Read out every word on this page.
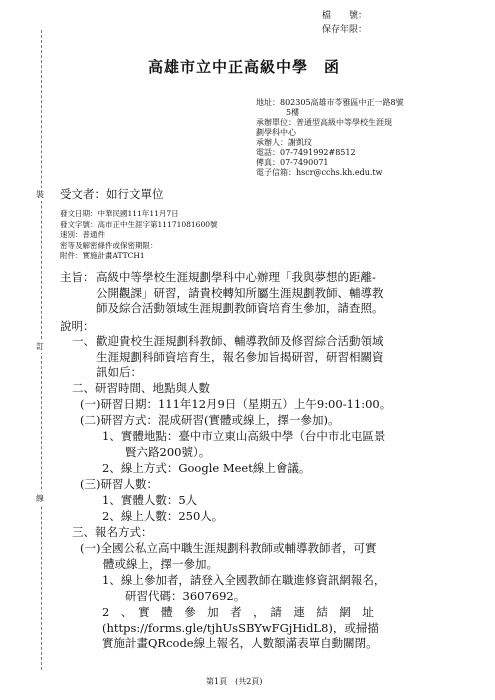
檔　　號：
保存年限：
高雄市立中正高級中學　函
地址：802305高雄市苓雅區中正一路8號
5樓
承辦單位：普通型高級中等學校生涯規
劃學科中心
承辦人：謝凱玟
電話：07-7491992#8512
傳真：07-7490071
電子信箱：hscr@cchs.kh.edu.tw
裝
訂
線
受文者：如行文單位
發文日期：中華民國111年11月7日
發文字號：高市正中生涯字第11171081600號
速別：普通件
密等及解密條件或保密期限：
附件：實施計畫ATTCH1
主旨： 高級中等學校生涯規劃學科中心辦理「我與夢想的距離-
公開觀課」研習，請貴校轉知所屬生涯規劃教師、輔導教
師及綜合活動領域生涯規劃教師資培育生參加，請查照。
說明：
一、 歡迎貴校生涯規劃科教師、輔導教師及修習綜合活動領域
生涯規劃科師資培育生，報名參加旨揭研習，研習相關資
訊如后：
二、研習時間、地點與人數
(一)研習日期：111年12月9日（星期五）上午9:00-11:00。
(二)研習方式：混成研習(實體或線上，擇一參加)。
1、實體地點：臺中市立東山高級中學（台中市北屯區景
　　賢六路200號）。
2、線上方式：Google Meet線上會議。
(三)研習人數：
1、實體人數：5人
2、線上人數：250人。
三、報名方式：
(一)全國公私立高中職生涯規劃科教師或輔導教師者，可實
　　體或線上，擇一參加。
1、線上參加者，請登入全國教師在職進修資訊網報名，
　　研習代碼：3607692。
2　、　實　體　參　加　者　，　請　連　結　網　址
(https://forms.gle/tjhUsSBYwFGjHidL8)，或掃描
實施計畫QRcode線上報名，人數額滿表單自動關閉。
第1頁　(共2頁)
